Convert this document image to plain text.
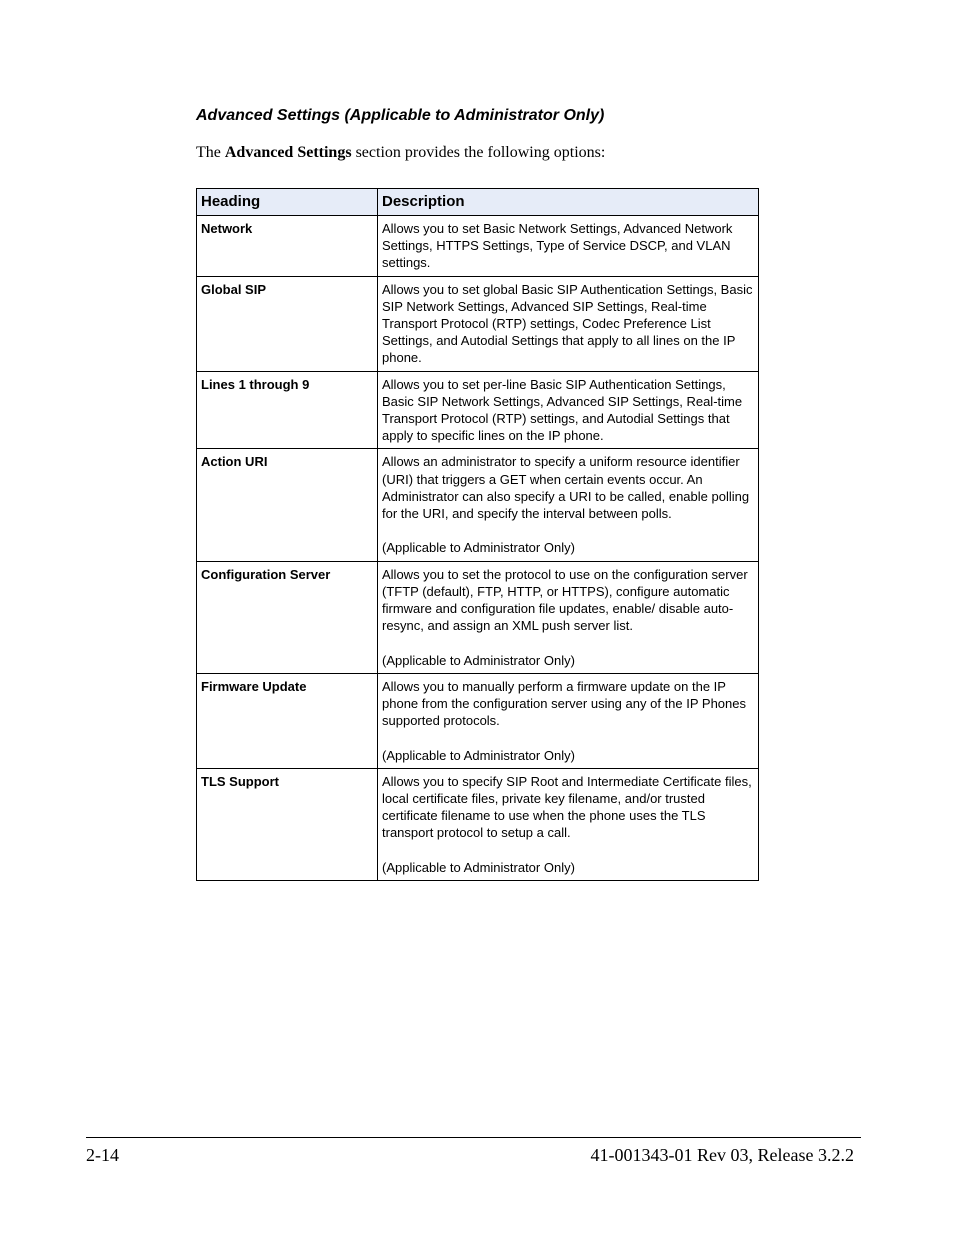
Advanced Settings (Applicable to Administrator Only)

The Advanced Settings section provides the following options:

Heading	Description
Network	Allows you to set Basic Network Settings, Advanced Network Settings, HTTPS Settings, Type of Service DSCP, and VLAN settings.

Global SIP	Allows you to set global Basic SIP Authentication Settings, Basic SIP Network Settings, Advanced SIP Settings, Real-time Transport Protocol (RTP) settings, Codec Preference List Settings, and Autodial Settings that apply to all lines on the IP phone.

Lines 1 through 9	Allows you to set per-line Basic SIP Authentication Settings, Basic SIP Network Settings, Advanced SIP Settings, Real-time Transport Protocol (RTP) settings, and Autodial Settings that apply to specific lines on the IP phone.

Action URI	Allows an administrator to specify a uniform resource identifier (URI) that triggers a GET when certain events occur. An Administrator can also specify a URI to be called, enable polling for the URI, and specify the interval between polls.

(Applicable to Administrator Only)

Configuration Server	Allows you to set the protocol to use on the configuration server (TFTP (default), FTP, HTTP, or HTTPS), configure automatic firmware and configuration file updates, enable/ disable auto-resync, and assign an XML push server list.

(Applicable to Administrator Only)

Firmware Update	Allows you to manually perform a firmware update on the IP phone from the configuration server using any of the IP Phones supported protocols.

(Applicable to Administrator Only)

TLS Support	Allows you to specify SIP Root and Intermediate Certificate files, local certificate files, private key filename, and/or trusted certificate filename to use when the phone uses the TLS transport protocol to setup a call.

(Applicable to Administrator Only)

2-14	41-001343-01 Rev 03, Release 3.2.2
